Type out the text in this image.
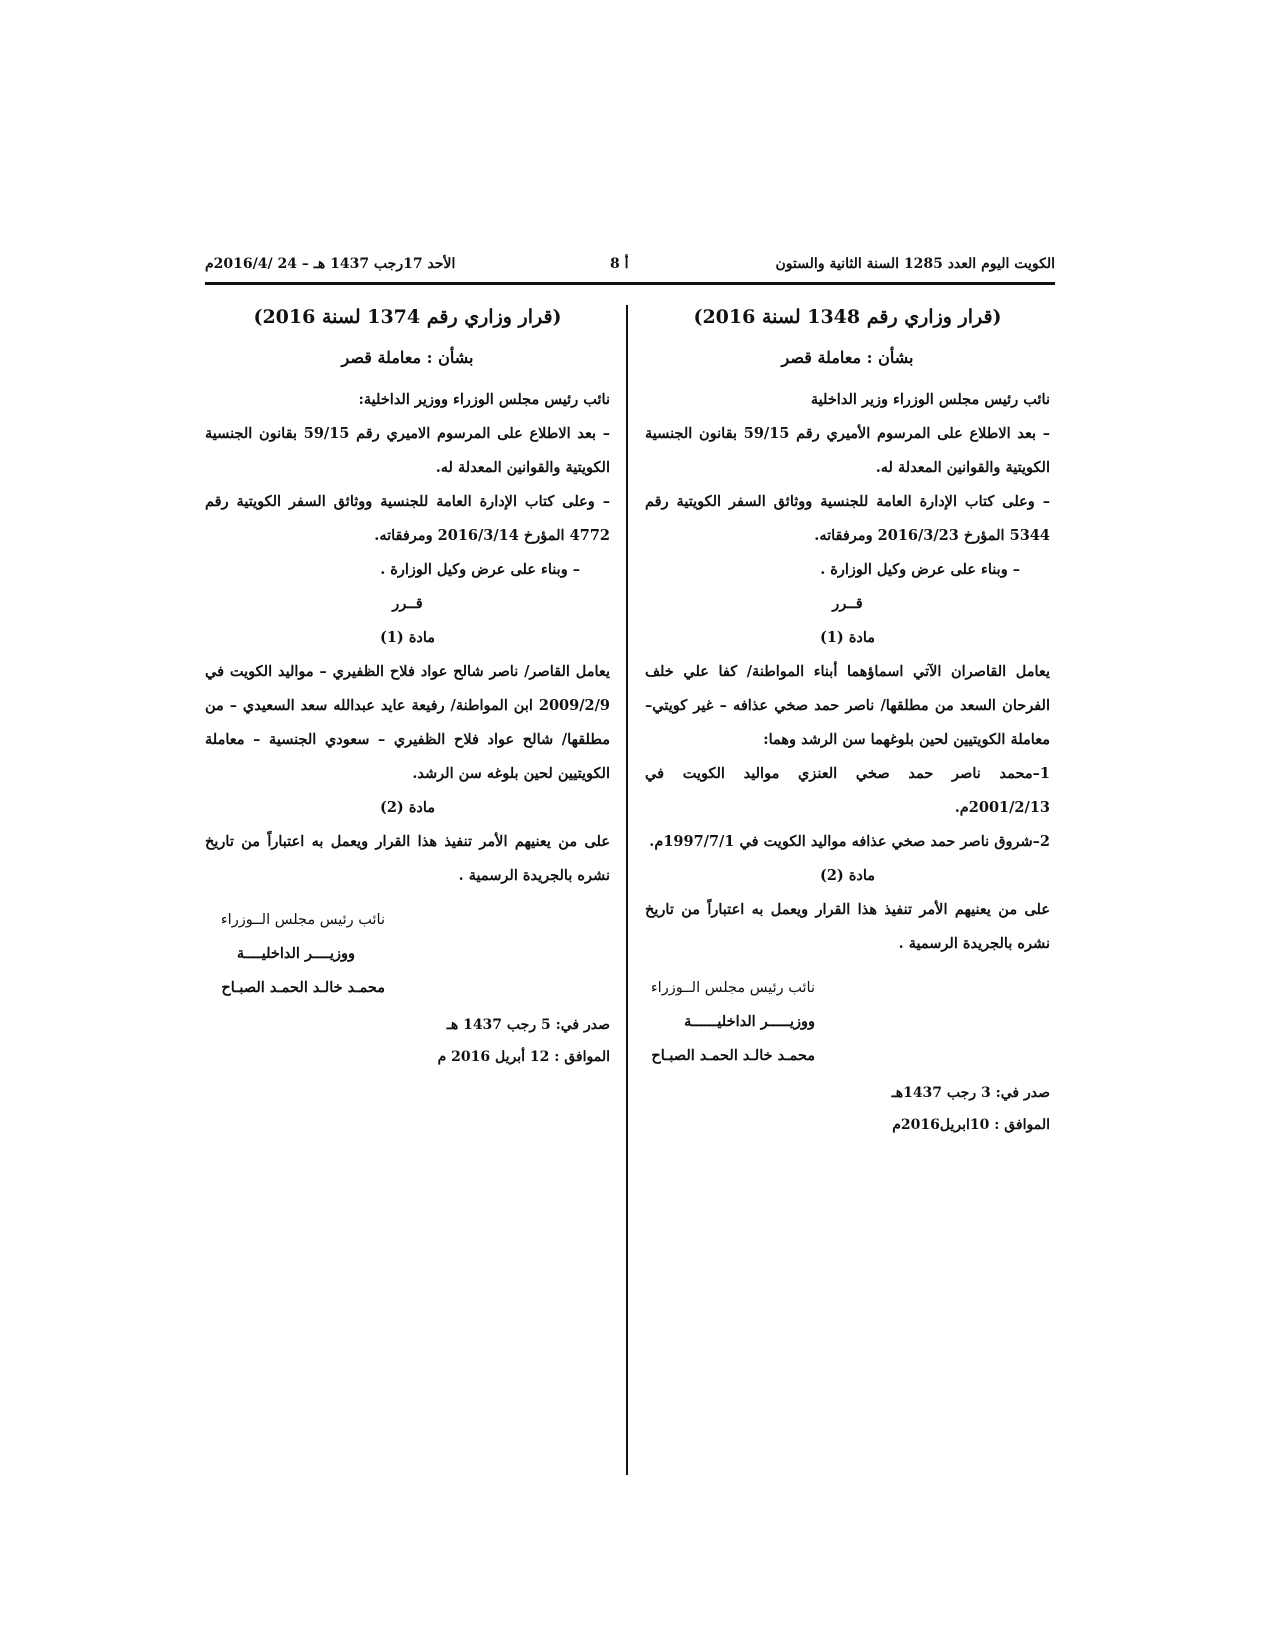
الكويت اليوم العدد 1285 السنة الثانية والستون
أ 8
الأحد 17رجب 1437 هـ – 24 /2016/4م

(قرار وزاري رقم 1348 لسنة 2016)

بشأن : معاملة قصر

نائب رئيس مجلس الوزراء وزير الداخلية

– بعد الاطلاع على المرسوم الأميري رقم 59/15 بقانون الجنسية الكويتية والقوانين المعدلة له.

– وعلى كتاب الإدارة العامة للجنسية ووثائق السفر الكويتية رقم 5344 المؤرخ 2016/3/23 ومرفقاته.

– وبناء على عرض وكيل الوزارة .

قــرر

مادة (1)

يعامل القاصران الآتي اسماؤهما أبناء المواطنة/ كفا علي خلف الفرحان السعد من مطلقها/ ناصر حمد صخي عذافه – غير كويتي– معاملة الكويتيين لحين بلوغهما سن الرشد وهما:

1–محمد ناصر حمد صخي العنزي مواليد الكويت في 2001/2/13م.

2–شروق ناصر حمد صخي عذافه مواليد الكويت في 1997/7/1م.

مادة (2)

على من يعنيهم الأمر تنفيذ هذا القرار ويعمل به اعتباراً من تاريخ نشره بالجريدة الرسمية .

نائب رئيس مجلس الــوزراء

ووزيـــــر الداخليــــــة

محمـد خالـد الحمـد الصبـاح

صدر في: 3 رجب 1437هـ

الموافق : 10ابريل2016م

(قرار وزاري رقم 1374 لسنة 2016)

بشأن : معاملة قصر

نائب رئيس مجلس الوزراء ووزير الداخلية:

– بعد الاطلاع على المرسوم الاميري رقم 59/15 بقانون الجنسية الكويتية والقوانين المعدلة له.

– وعلى كتاب الإدارة العامة للجنسية ووثائق السفر الكويتية رقم 4772 المؤرخ 2016/3/14 ومرفقاته.

– وبناء على عرض وكيل الوزارة .

قــرر

مادة (1)

يعامل القاصر/ ناصر شالح عواد فلاح الظفيري – مواليد الكويت في 2009/2/9 ابن المواطنة/ رفيعة عايد عبدالله سعد السعيدي – من مطلقها/ شالح عواد فلاح الظفيري – سعودي الجنسية – معاملة الكويتيين لحين بلوغه سن الرشد.

مادة (2)

على من يعنيهم الأمر تنفيذ هذا القرار ويعمل به اعتباراً من تاريخ نشره بالجريدة الرسمية .

نائب رئيس مجلس الــوزراء

ووزيــــر الداخليــــة

محمـد خالـد الحمـد الصبـاح

صدر في: 5 رجب 1437 هـ

الموافق : 12 أبريل 2016 م
